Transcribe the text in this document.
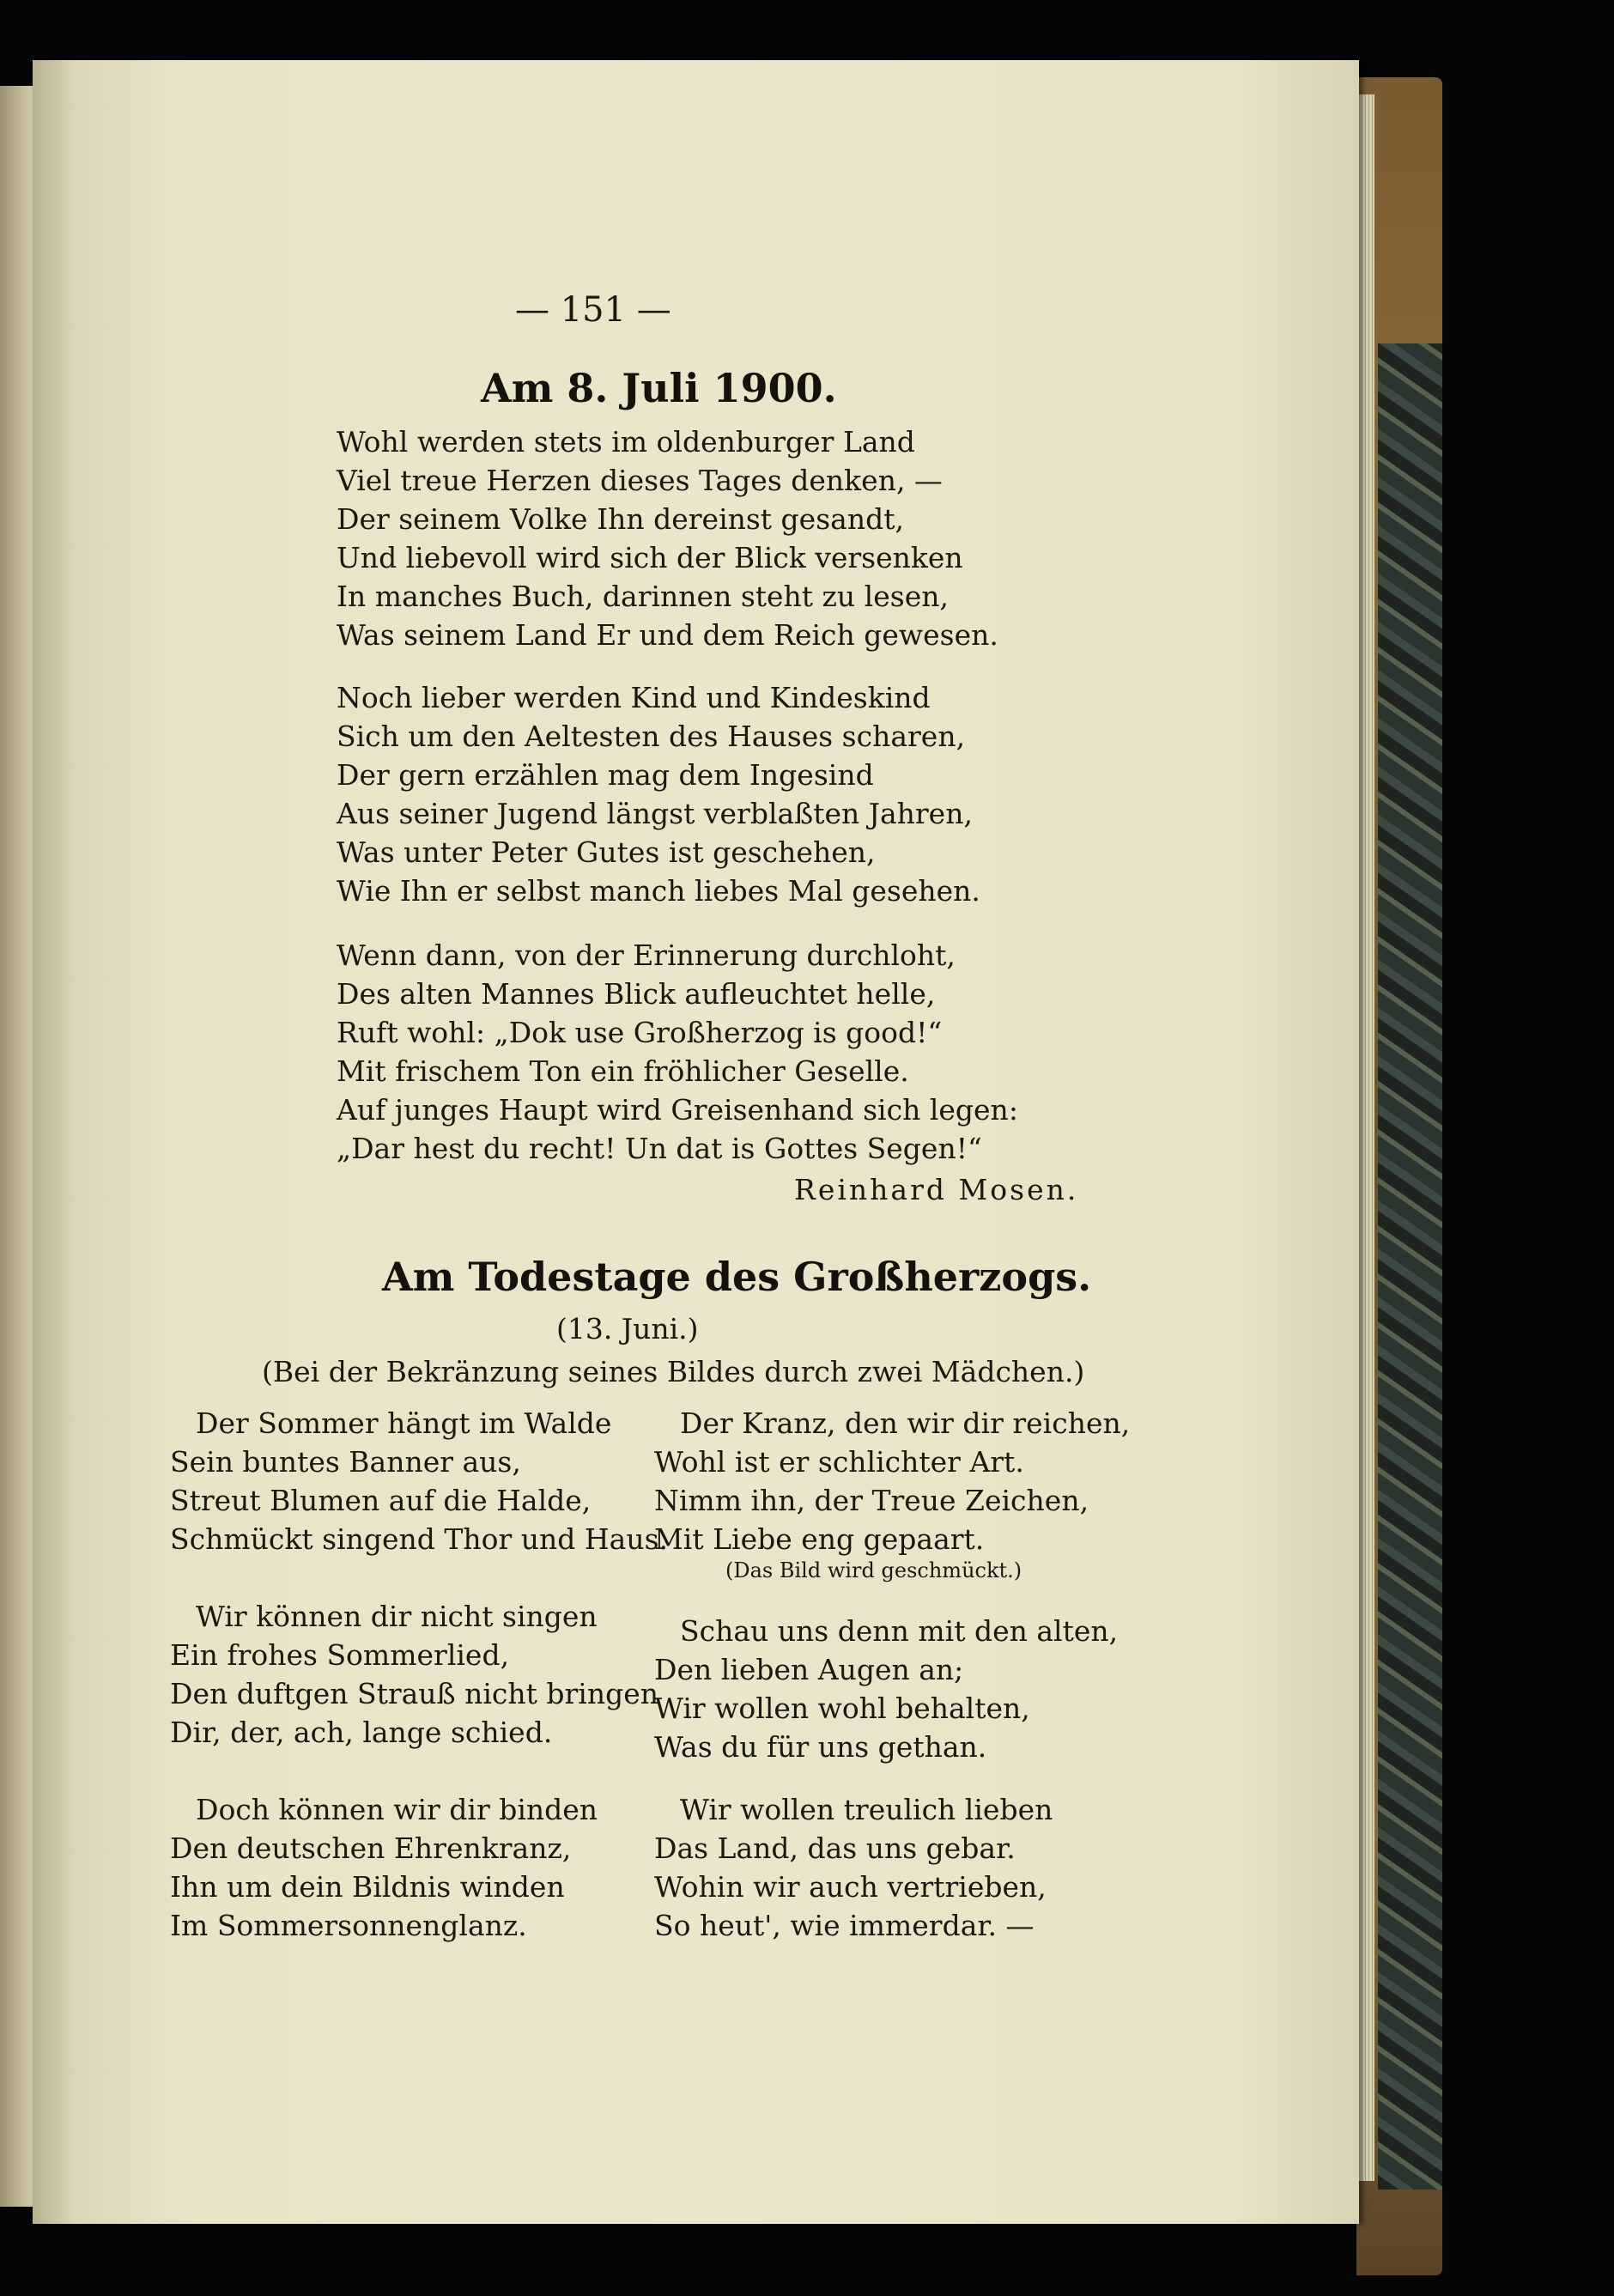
— 151 —
Am 8. Juli 1900.
Wohl werden stets im oldenburger Land
Viel treue Herzen dieses Tages denken, —
Der seinem Volke Ihn dereinst gesandt,
Und liebevoll wird sich der Blick versenken
In manches Buch, darinnen steht zu lesen,
Was seinem Land Er und dem Reich gewesen.
Noch lieber werden Kind und Kindeskind
Sich um den Aeltesten des Hauses scharen,
Der gern erzählen mag dem Ingesind
Aus seiner Jugend längst verblaßten Jahren,
Was unter Peter Gutes ist geschehen,
Wie Ihn er selbst manch liebes Mal gesehen.
Wenn dann, von der Erinnerung durchloht,
Des alten Mannes Blick aufleuchtet helle,
Ruft wohl: „Dok use Großherzog is good!“
Mit frischem Ton ein fröhlicher Geselle.
Auf junges Haupt wird Greisenhand sich legen:
„Dar hest du recht! Un dat is Gottes Segen!“
Reinhard Mosen.
Am Todestage des Großherzogs.
(13. Juni.)
(Bei der Bekränzung seines Bildes durch zwei Mädchen.)
Der Sommer hängt im Walde
Sein buntes Banner aus,
Streut Blumen auf die Halde,
Schmückt singend Thor und Haus.
Wir können dir nicht singen
Ein frohes Sommerlied,
Den duftgen Strauß nicht bringen
Dir, der, ach, lange schied.
Doch können wir dir binden
Den deutschen Ehrenkranz,
Ihn um dein Bildnis winden
Im Sommersonnenglanz.
Der Kranz, den wir dir reichen,
Wohl ist er schlichter Art.
Nimm ihn, der Treue Zeichen,
Mit Liebe eng gepaart.
(Das Bild wird geschmückt.)
Schau uns denn mit den alten,
Den lieben Augen an;
Wir wollen wohl behalten,
Was du für uns gethan.
Wir wollen treulich lieben
Das Land, das uns gebar.
Wohin wir auch vertrieben,
So heut', wie immerdar. —
